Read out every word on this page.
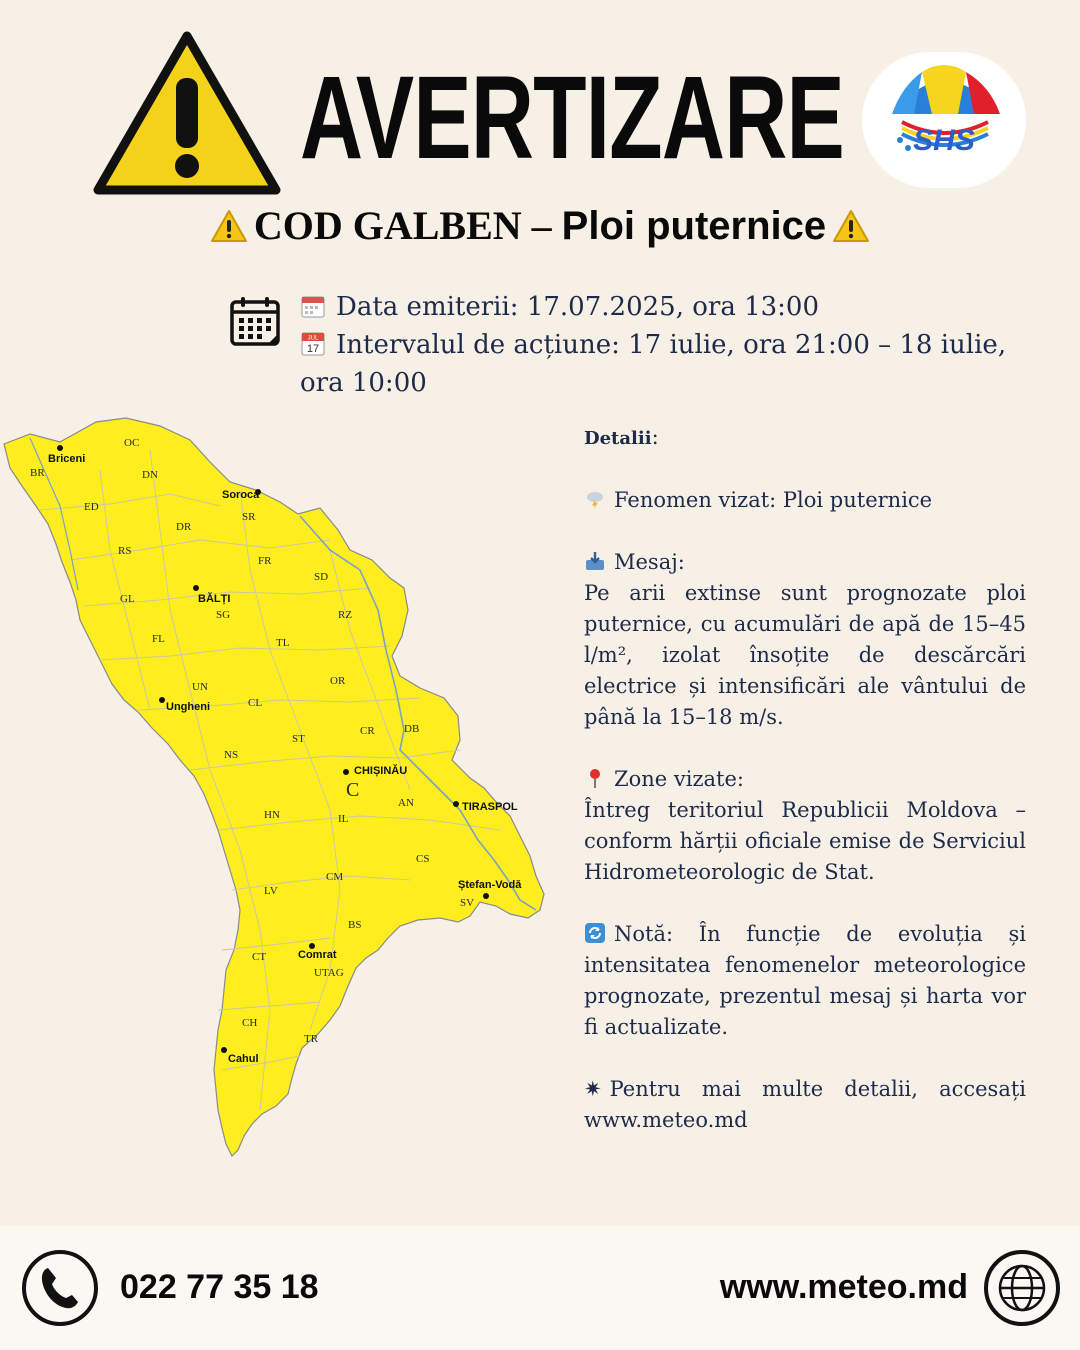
AVERTIZARE SHS
COD GALBEN – Ploi puternice
Data emiterii: 17.07.2025, ora 13:00
JUL
17 Intervalul de acțiune: 17 iulie, ora 21:00 – 18 iulie,
ora 10:00
OC
BR	DN
ED
DR
SR
RS
FR
SD
GL
SG	RZ
FL	TL
UN	OR
CL
CR	DB
ST
NS
AN
C
IL
HN
CS
CM
SV
LV
BS
CT
UTAG
CH
TR
Briceni
Soroca
BĂLȚI
Ungheni
CHIȘINĂU
TIRASPOL
Ștefan-Vodă
Comrat
Cahul

Detalii:

Fenomen vizat: Ploi puternice

Mesaj:

Pe arii extinse sunt prognozate ploi puternice, cu acumulări de apă de 15–45 l/m², izolat însoțite de descărcări electrice și intensificări ale vântului de până la 15–18 m/s.

Zone vizate:

Întreg teritoriul Republicii Moldova – conform hărții oficiale emise de Serviciul Hidrometeorologic de Stat.

Notă: În funcție de evoluția și intensitatea fenomenelor meteorologice prognozate, prezentul mesaj și harta vor fi actualizate.

✷ Pentru mai multe detalii, accesați www.meteo.md

022 77 35 18	www.meteo.md
